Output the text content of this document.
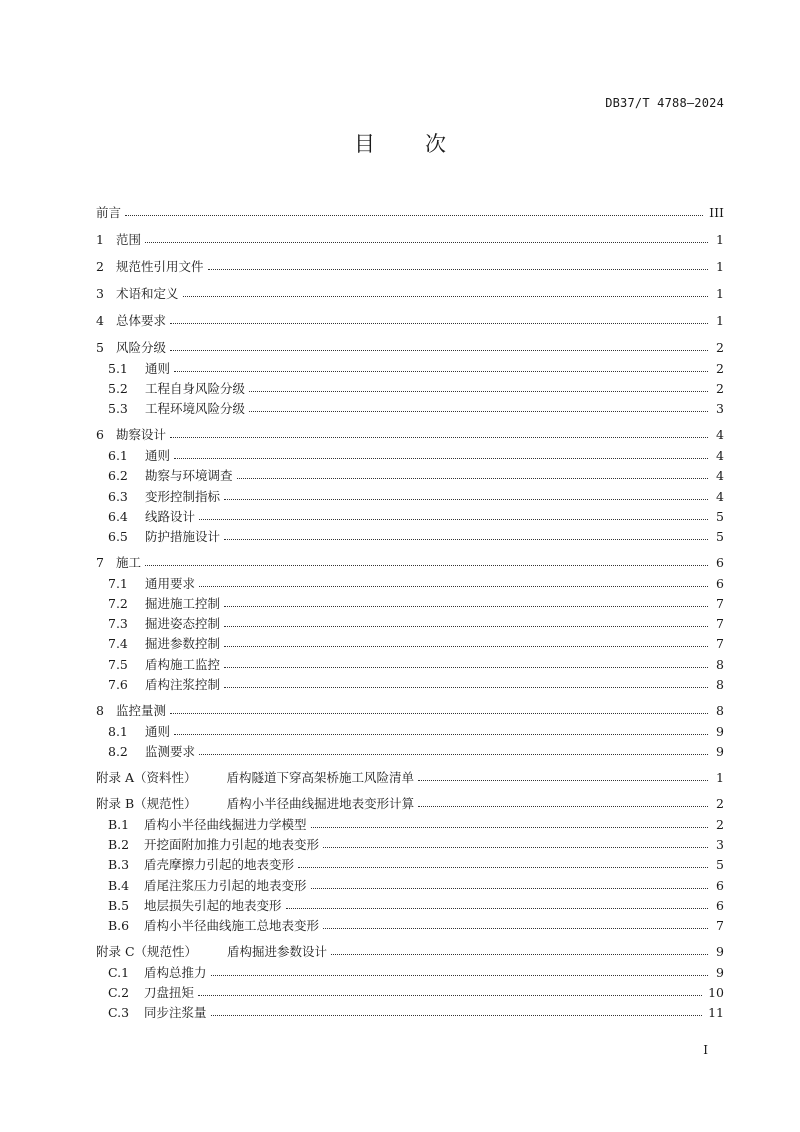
DB37/T 4788—2024
目 次
前言	III
1 范围	1
2 规范性引用文件	1
3 术语和定义	1
4 总体要求	1
5 风险分级	2
5.1	通则	2
5.2	工程自身风险分级	2
5.3	工程环境风险分级	3
6 勘察设计	4
6.1	通则	4
6.2	勘察与环境调查	4
6.3	变形控制指标	4
6.4	线路设计	5
6.5	防护措施设计	5
7 施工	6
7.1	通用要求	6
7.2	掘进施工控制	7
7.3	掘进姿态控制	7
7.4	掘进参数控制	7
7.5	盾构施工监控	8
7.6	盾构注浆控制	8
8 监控量测	8
8.1	通则	9
8.2	监测要求	9
附录 A（资料性） 盾构隧道下穿高架桥施工风险清单	1
附录 B（规范性） 盾构小半径曲线掘进地表变形计算	2
B.1	盾构小半径曲线掘进力学模型	2
B.2	开挖面附加推力引起的地表变形	3
B.3	盾壳摩擦力引起的地表变形	5
B.4	盾尾注浆压力引起的地表变形	6
B.5	地层损失引起的地表变形	6
B.6	盾构小半径曲线施工总地表变形	7
附录 C（规范性） 盾构掘进参数设计	9
C.1	盾构总推力	9
C.2	刀盘扭矩	10
C.3	同步注浆量	11
I
